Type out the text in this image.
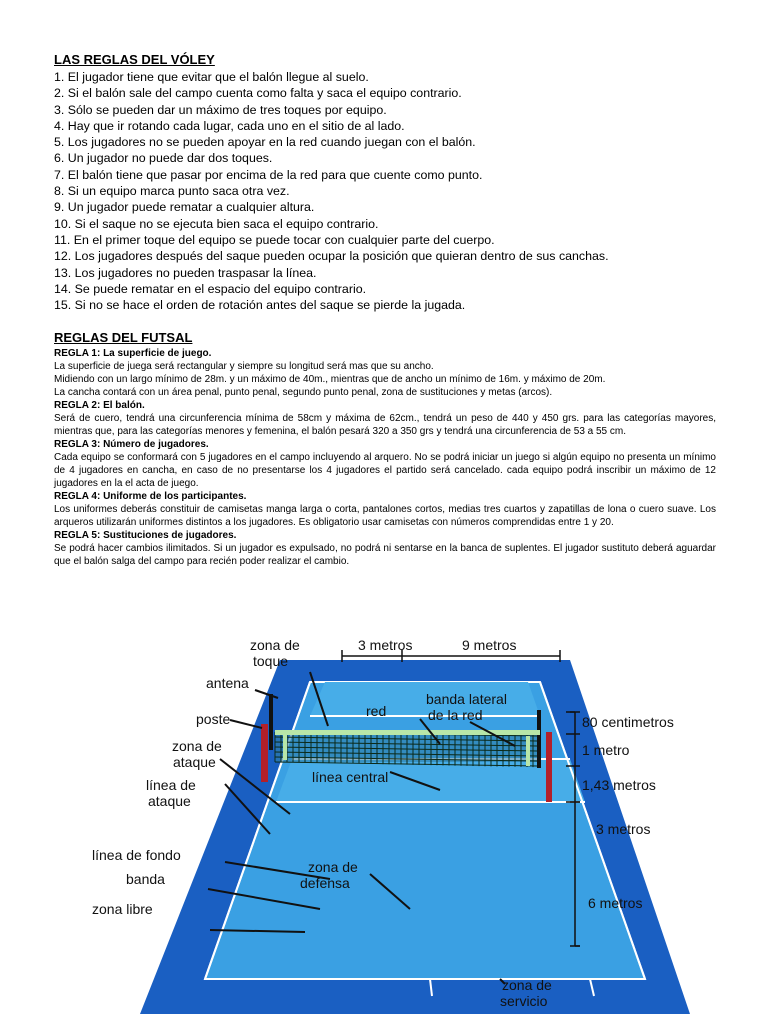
LAS REGLAS DEL VÓLEY
1. El jugador tiene que evitar que el balón llegue al suelo.
2. Si el balón sale del campo cuenta como falta y saca el equipo contrario.
3. Sólo se pueden dar un máximo de tres toques por equipo.
4. Hay que ir rotando cada lugar, cada uno en el sitio de al lado.
5. Los jugadores no se pueden apoyar en la red cuando juegan con el balón.
6. Un jugador no puede dar dos toques.
7. El balón tiene que pasar por encima de la red para que cuente como punto.
8. Si un equipo marca punto saca otra vez.
9. Un jugador puede rematar a cualquier altura.
10. Si el saque no se ejecuta bien saca el equipo contrario.
11. En el primer toque del equipo se puede tocar con cualquier parte del cuerpo.
12. Los jugadores después del saque pueden ocupar la posición que quieran dentro de sus canchas.
13. Los jugadores no pueden traspasar la línea.
14. Se puede rematar en el espacio del equipo contrario.
15. Si no se hace el orden de rotación antes del saque se pierde la jugada.
REGLAS DEL FUTSAL
REGLA 1: La superficie de juego.
La superficie de juega será rectangular y siempre su longitud será mas que su ancho.
Midiendo con un largo mínimo de 28m. y un máximo de 40m., mientras que de ancho un mínimo de 16m. y máximo de 20m.
La cancha contará con un área penal, punto penal, segundo punto penal, zona de sustituciones y metas (arcos).
REGLA 2: El balón.
Será de cuero, tendrá una circunferencia mínima de 58cm y máxima de 62cm., tendrá un peso de 440 y 450 grs. para las categorías mayores, mientras que, para las categorías menores y femenina, el balón pesará 320 a 350 grs y tendrá una circunferencia de 53 a 55 cm.
REGLA 3: Número de jugadores.
Cada equipo se conformará con 5 jugadores en el campo incluyendo al arquero. No se podrá iniciar un juego si algún equipo no presenta un mínimo de 4 jugadores en cancha, en caso de no presentarse los 4 jugadores el partido será cancelado. cada equipo podrá inscribir un máximo de 12 jugadores en la el acta de juego.
REGLA 4: Uniforme de los participantes.
Los uniformes deberás constituir de camisetas manga larga o corta, pantalones cortos, medias tres cuartos y zapatillas de lona o cuero suave. Los arqueros utilizarán uniformes distintos a los jugadores. Es obligatorio usar camisetas con números comprendidas entre 1 y 20.
REGLA 5: Sustituciones de jugadores.
Se podrá hacer cambios ilimitados. Si un jugador es expulsado, no podrá ni sentarse en la banca de suplentes. El jugador sustituto deberá aguardar que el balón salga del campo para recién poder realizar el cambio.
zona de
toque
antena
poste
zona de
ataque
línea de
ataque
línea de fondo
banda
zona libre
red
banda lateral
de la red
línea central
zona de
defensa
zona de
servicio
3 metros	9 metros
80 centimetros
1 metro
1,43 metros
3 metros
6 metros
